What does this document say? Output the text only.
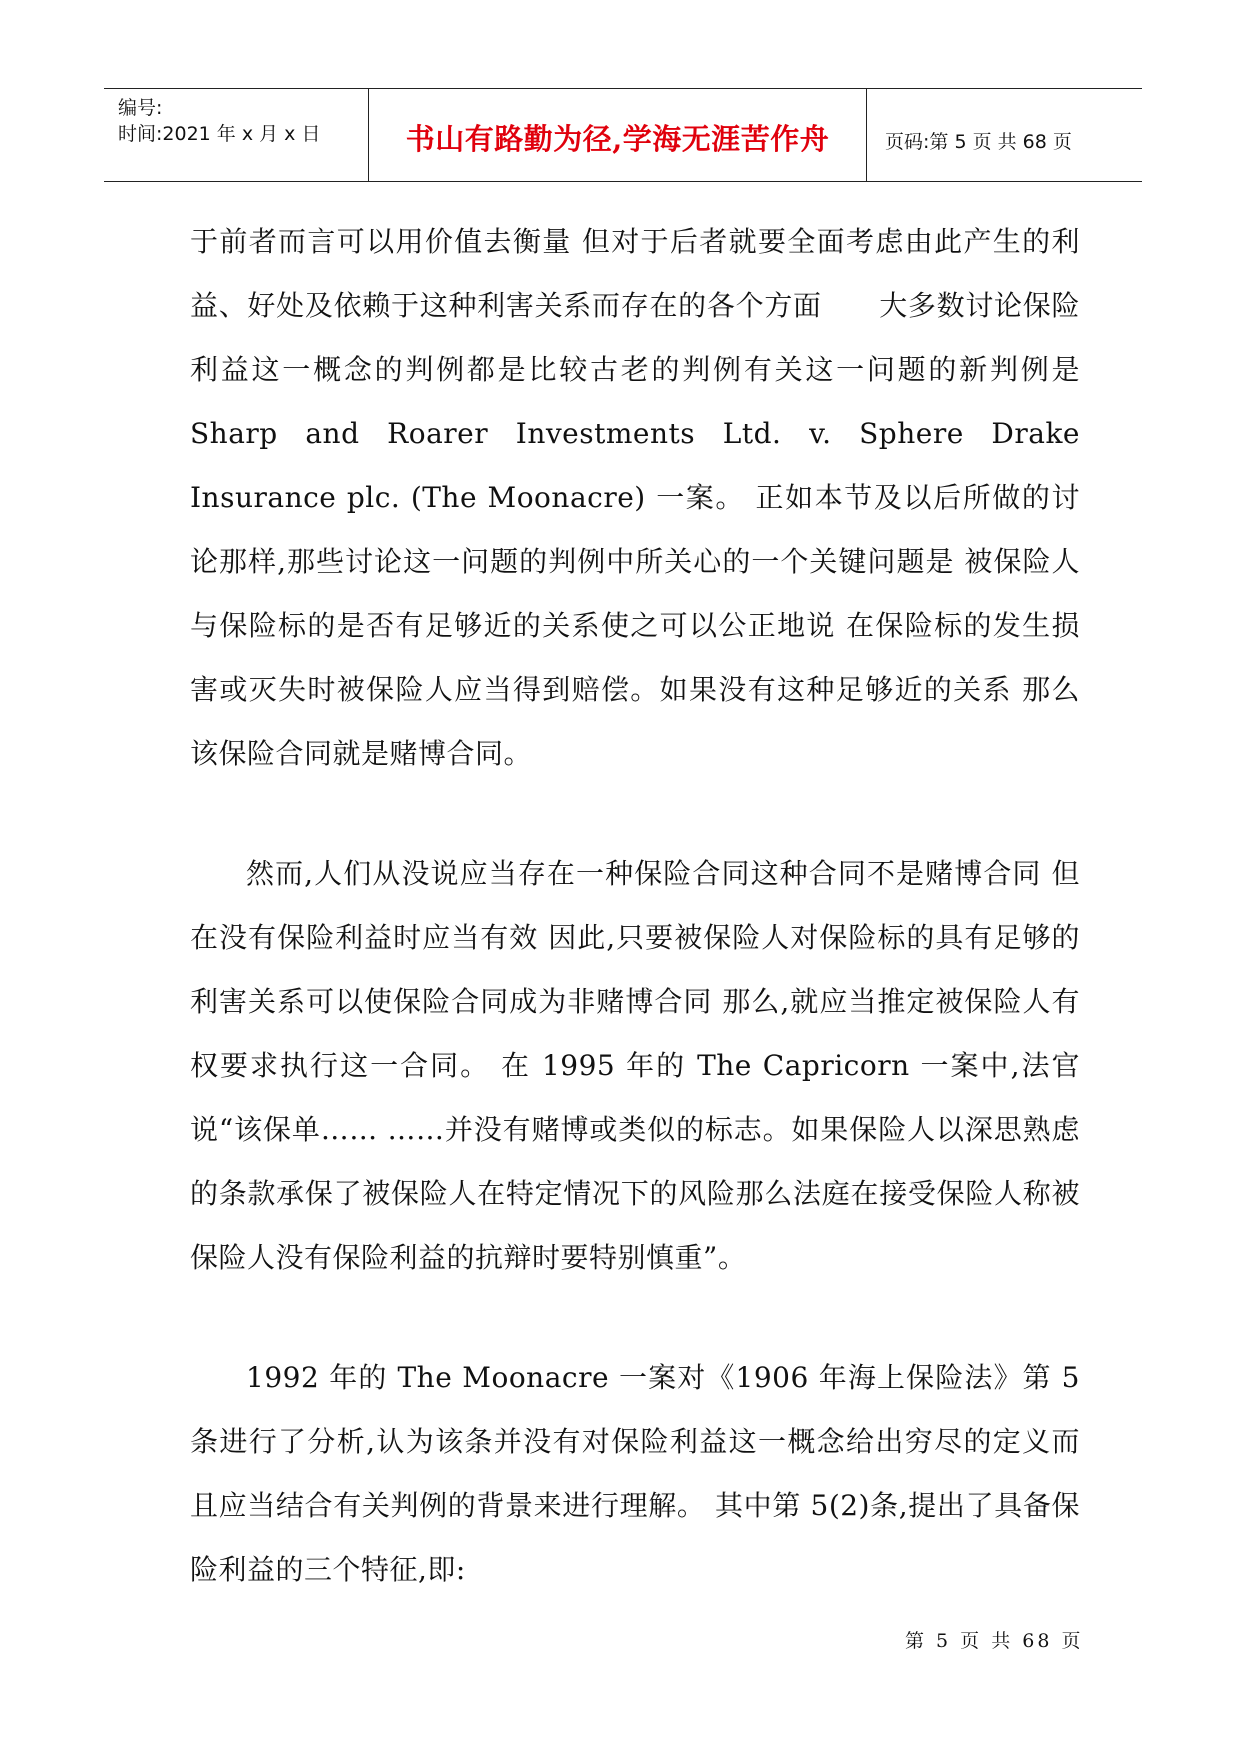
编号:
时间:2021 年 x 月 x 日	书山有路勤为径,学海无涯苦作舟	页码:第 5 页 共 68 页

于前者而言可以用价值去衡量 但对于后者就要全面考虑由此产生的利益、好处及依赖于这种利害关系而存在的各个方面　　大多数讨论保险利益这一概念的判例都是比较古老的判例有关这一问题的新判例是 Sharp and Roarer Investments Ltd. v. Sphere Drake Insurance plc. (The Moonacre) 一案。 正如本节及以后所做的讨论那样,那些讨论这一问题的判例中所关心的一个关键问题是 被保险人与保险标的是否有足够近的关系使之可以公正地说 在保险标的发生损害或灭失时被保险人应当得到赔偿。如果没有这种足够近的关系 那么该保险合同就是赌博合同。

然而,人们从没说应当存在一种保险合同这种合同不是赌博合同 但在没有保险利益时应当有效 因此,只要被保险人对保险标的具有足够的利害关系可以使保险合同成为非赌博合同 那么,就应当推定被保险人有权要求执行这一合同。 在 1995 年的 The Capricorn 一案中,法官说“该保单…… ……并没有赌博或类似的标志。如果保险人以深思熟虑的条款承保了被保险人在特定情况下的风险那么法庭在接受保险人称被保险人没有保险利益的抗辩时要特别慎重”。

1992 年的 The Moonacre 一案对《1906 年海上保险法》第 5 条进行了分析,认为该条并没有对保险利益这一概念给出穷尽的定义而且应当结合有关判例的背景来进行理解。 其中第 5(2)条,提出了具备保险利益的三个特征,即:

第 5 页 共 68 页
